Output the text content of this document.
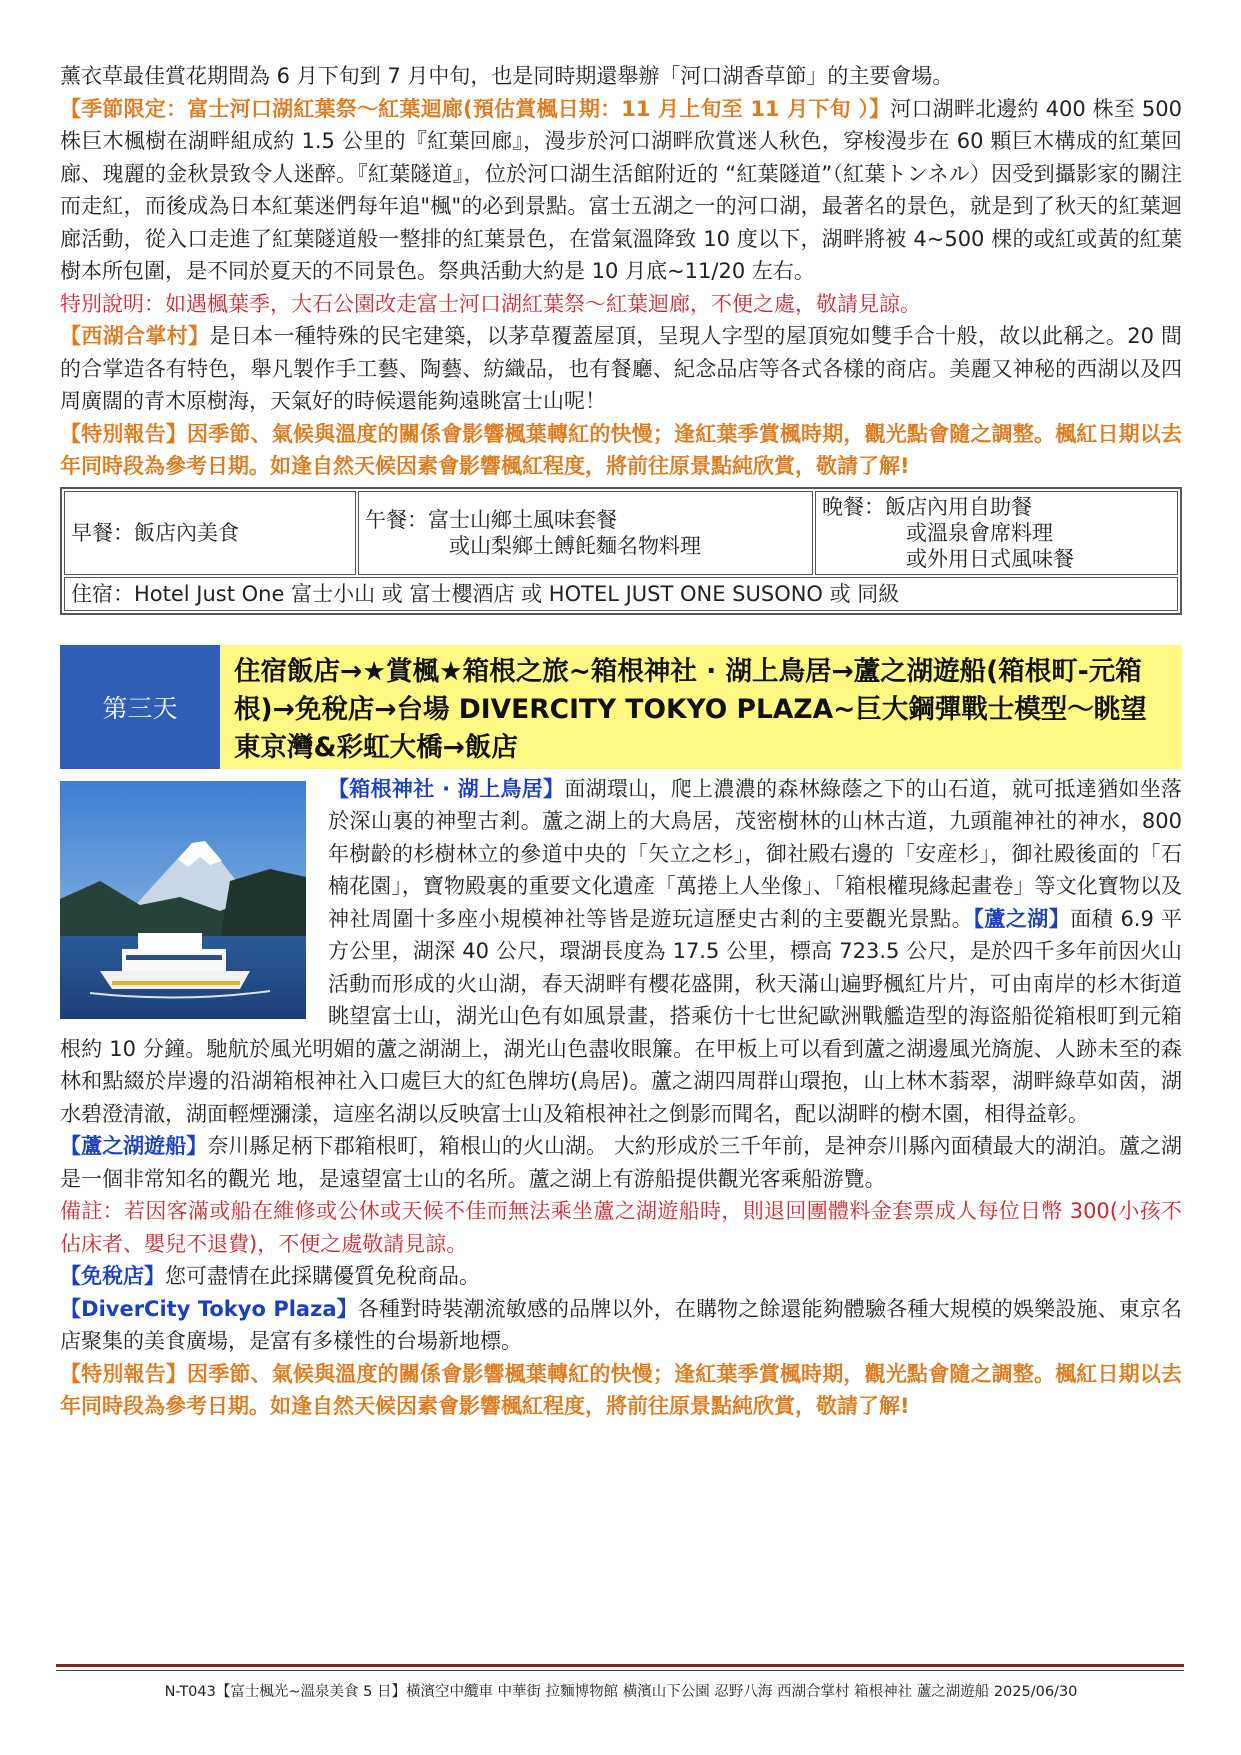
薰衣草最佳賞花期間為 6 月下旬到 7 月中旬，也是同時期還舉辦「河口湖香草節」的主要會場。
【季節限定：富士河口湖紅葉祭～紅葉迴廊(預估賞楓日期：11 月上旬至 11 月下旬 ）】河口湖畔北邊約 400 株至 500 株巨木楓樹在湖畔組成約 1.5 公里的『紅葉回廊』，漫步於河口湖畔欣賞迷人秋色，穿梭漫步在 60 顆巨木構成的紅葉回廊、瑰麗的金秋景致令人迷醉。『紅葉隧道』，位於河口湖生活館附近的 “紅葉隧道”（紅葉トンネル）因受到攝影家的關注而走紅，而後成為日本紅葉迷們每年追"楓"的必到景點。富士五湖之一的河口湖，最著名的景色，就是到了秋天的紅葉迴廊活動，從入口走進了紅葉隧道般一整排的紅葉景色，在當氣溫降致 10 度以下，湖畔將被 4~500 棵的或紅或黃的紅葉樹本所包圍，是不同於夏天的不同景色。祭典活動大約是 10 月底~11/20 左右。
特別說明：如遇楓葉季，大石公園改走富士河口湖紅葉祭～紅葉迴廊，不便之處，敬請見諒。
【西湖合掌村】是日本一種特殊的民宅建築，以茅草覆蓋屋頂，呈現人字型的屋頂宛如雙手合十般，故以此稱之。20 間的合掌造各有特色，舉凡製作手工藝、陶藝、紡織品，也有餐廳、紀念品店等各式各樣的商店。美麗又神秘的西湖以及四周廣闊的青木原樹海，天氣好的時候還能夠遠眺富士山呢！
【特別報告】因季節、氣候與溫度的關係會影響楓葉轉紅的快慢；逢紅葉季賞楓時期，觀光點會隨之調整。楓紅日期以去年同時段為參考日期。如逢自然天候因素會影響楓紅程度，將前往原景點純欣賞，敬請了解!
早餐：飯店內美食	
午餐：富士山鄉土風味套餐
或山梨鄉土餺飥麵名物料理

晚餐：飯店內用自助餐
或溫泉會席料理
或外用日式風味餐

住宿：Hotel Just One 富士小山 或 富士櫻酒店 或 HOTEL JUST ONE SUSONO 或 同級
第三天
住宿飯店→★賞楓★箱根之旅~箱根神社 · 湖上鳥居→蘆之湖遊船(箱根町-元箱根)→免稅店→台場 DIVERCITY TOKYO PLAZA~巨大鋼彈戰士模型～眺望東京灣&彩虹大橋→飯店
【箱根神社 · 湖上鳥居】面湖環山，爬上濃濃的森林綠蔭之下的山石道，就可抵達猶如坐落於深山裏的神聖古剎。蘆之湖上的大鳥居，茂密樹林的山林古道，九頭龍神社的神水，800 年樹齡的杉樹林立的參道中央的「矢立之杉」，御社殿右邊的「安産杉」，御社殿後面的「石楠花園」，寶物殿裏的重要文化遺產「萬捲上人坐像」、「箱根權現緣起畫卷」等文化寶物以及神社周圍十多座小規模神社等皆是遊玩這歷史古剎的主要觀光景點。【蘆之湖】面積 6.9 平方公里，湖深 40 公尺，環湖長度為 17.5 公里，標高 723.5 公尺，是於四千多年前因火山活動而形成的火山湖，春天湖畔有櫻花盛開，秋天滿山遍野楓紅片片，可由南岸的杉木街道眺望富士山，湖光山色有如風景畫，搭乘仿十七世紀歐洲戰艦造型的海盜船從箱根町到元箱根約 10 分鐘。馳航於風光明媚的蘆之湖湖上，湖光山色盡收眼簾。在甲板上可以看到蘆之湖邊風光旖旎、人跡未至的森林和點綴於岸邊的沿湖箱根神社入口處巨大的紅色牌坊(鳥居)。蘆之湖四周群山環抱，山上林木蓊翠，湖畔綠草如茵，湖水碧澄清澈，湖面輕煙瀰漾，這座名湖以反映富士山及箱根神社之倒影而聞名，配以湖畔的樹木園，相得益彰。
【蘆之湖遊船】奈川縣足柄下郡箱根町，箱根山的火山湖。 大約形成於三千年前，是神奈川縣內面積最大的湖泊。蘆之湖是一個非常知名的觀光 地，是遠望富士山的名所。蘆之湖上有游船提供觀光客乘船游覽。
備註：若因客滿或船在維修或公休或天候不佳而無法乘坐蘆之湖遊船時，則退回團體料金套票成人每位日幣 300(小孩不佔床者、嬰兒不退費)，不便之處敬請見諒。
【免稅店】您可盡情在此採購優質免稅商品。
【DiverCity Tokyo Plaza】各種對時裝潮流敏感的品牌以外，在購物之餘還能夠體驗各種大規模的娛樂設施、東京名店聚集的美食廣場，是富有多樣性的台場新地標。
【特別報告】因季節、氣候與溫度的關係會影響楓葉轉紅的快慢；逢紅葉季賞楓時期，觀光點會隨之調整。楓紅日期以去年同時段為參考日期。如逢自然天候因素會影響楓紅程度，將前往原景點純欣賞，敬請了解!
N-T043【富士楓光~溫泉美食 5 日】橫濱空中纜車 中華街 拉麵博物館 橫濱山下公園 忍野八海 西湖合掌村 箱根神社 蘆之湖遊船 2025/06/30
